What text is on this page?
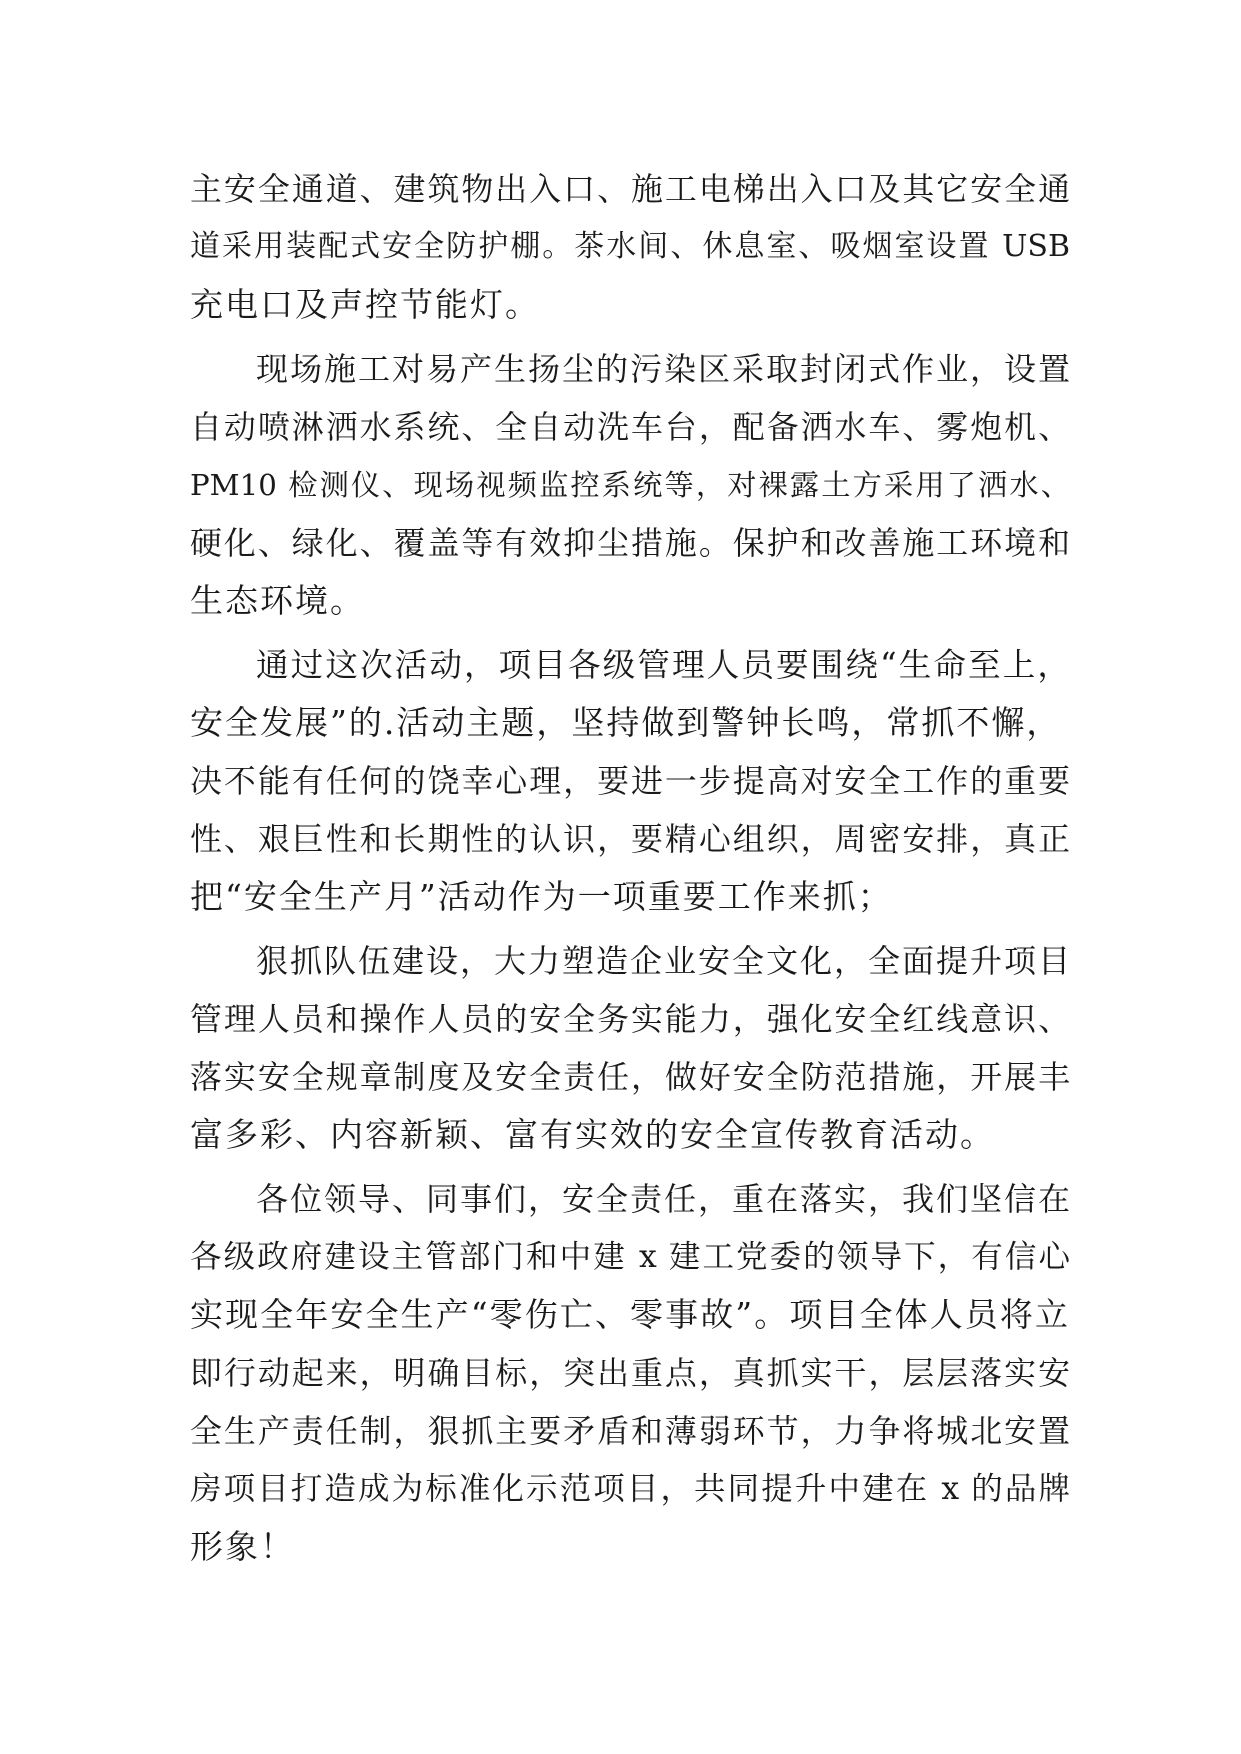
主安全通道、建筑物出入口、施工电梯出入口及其它安全通
道采用装配式安全防护棚。茶水间、休息室、吸烟室设置 USB
充电口及声控节能灯。
现场施工对易产生扬尘的污染区采取封闭式作业，设置
自动喷淋洒水系统、全自动洗车台，配备洒水车、雾炮机、
PM10 检测仪、现场视频监控系统等，对裸露土方采用了洒水、
硬化、绿化、覆盖等有效抑尘措施。保护和改善施工环境和
生态环境。
通过这次活动，项目各级管理人员要围绕“生命至上，
安全发展”的.活动主题，坚持做到警钟长鸣，常抓不懈，
决不能有任何的饶幸心理，要进一步提高对安全工作的重要
性、艰巨性和长期性的认识，要精心组织，周密安排，真正
把“安全生产月”活动作为一项重要工作来抓；
狠抓队伍建设，大力塑造企业安全文化，全面提升项目
管理人员和操作人员的安全务实能力，强化安全红线意识、
落实安全规章制度及安全责任，做好安全防范措施，开展丰
富多彩、内容新颖、富有实效的安全宣传教育活动。
各位领导、同事们，安全责任，重在落实，我们坚信在
各级政府建设主管部门和中建 x 建工党委的领导下，有信心
实现全年安全生产“零伤亡、零事故”。项目全体人员将立
即行动起来，明确目标，突出重点，真抓实干，层层落实安
全生产责任制，狠抓主要矛盾和薄弱环节，力争将城北安置
房项目打造成为标准化示范项目，共同提升中建在 x 的品牌
形象！
